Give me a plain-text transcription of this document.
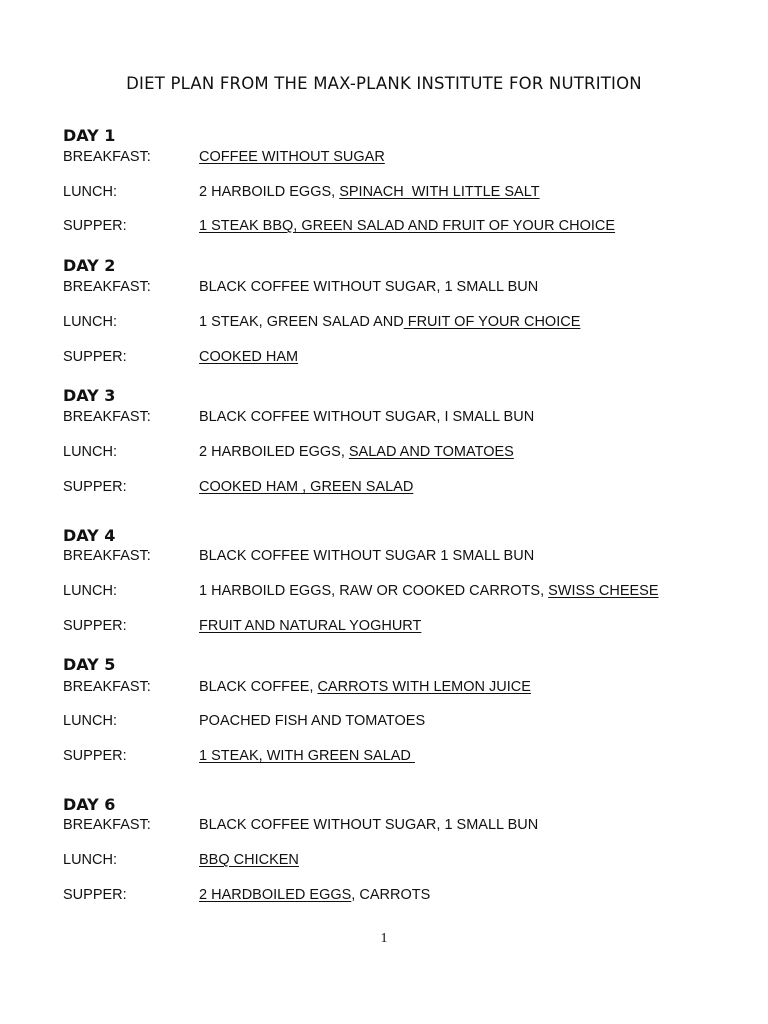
DIET PLAN FROM THE MAX-PLANK INSTITUTE FOR NUTRITION
DAY 1
BREAKFAST:	COFFEE WITHOUT SUGAR
LUNCH:	2 HARBOILD EGGS, SPINACH  WITH LITTLE SALT
SUPPER:	1 STEAK BBQ, GREEN SALAD AND FRUIT OF YOUR CHOICE
DAY 2
BREAKFAST:	BLACK COFFEE WITHOUT SUGAR, 1 SMALL BUN
LUNCH:	1 STEAK, GREEN SALAD AND FRUIT OF YOUR CHOICE
SUPPER:	COOKED HAM
DAY 3
BREAKFAST:	BLACK COFFEE WITHOUT SUGAR, I SMALL BUN
LUNCH:	2 HARBOILED EGGS, SALAD AND TOMATOES
SUPPER:	COOKED HAM , GREEN SALAD
DAY 4
BREAKFAST:	BLACK COFFEE WITHOUT SUGAR 1 SMALL BUN
LUNCH:	1 HARBOILD EGGS, RAW OR COOKED CARROTS, SWISS CHEESE
SUPPER:	FRUIT AND NATURAL YOGHURT
DAY 5
BREAKFAST:	BLACK COFFEE, CARROTS WITH LEMON JUICE
LUNCH:	POACHED FISH AND TOMATOES
SUPPER:	1 STEAK, WITH GREEN SALAD
DAY 6
BREAKFAST:	BLACK COFFEE WITHOUT SUGAR, 1 SMALL BUN
LUNCH:	BBQ CHICKEN
SUPPER:	2 HARDBOILED EGGS, CARROTS
1
